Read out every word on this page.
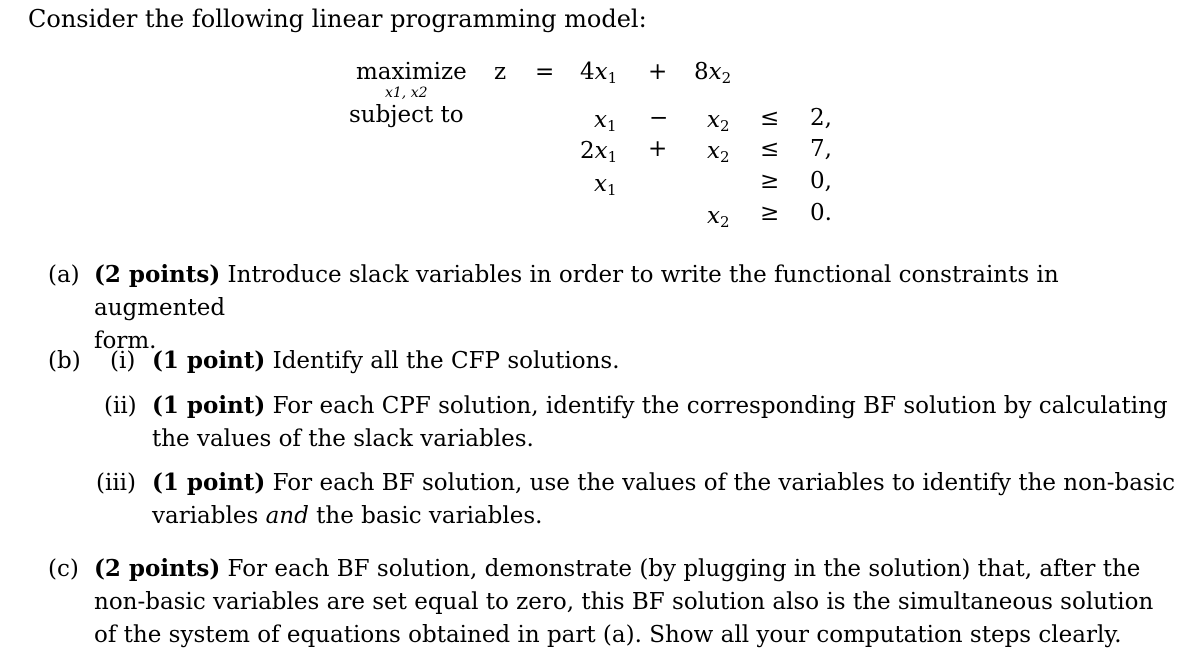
Consider the following linear programming model:
maximize
x1, x2
$z = 4x_1 + 8x_2$
subject to	$x_1 - x_2 \le 2$,
$2x_1 + x_2 \le 7$,
$x_1$	≥ 0,
$x_2 \ge 0$.
(a) (2 points) Introduce slack variables in order to write the functional constraints in augmented
form.
(b) (i) (1 point) Identify all the CFP solutions.
(ii) (1 point) For each CPF solution, identify the corresponding BF solution by calculating
the values of the slack variables.
(iii) (1 point) For each BF solution, use the values of the variables to identify the non-basic
variables and the basic variables.
(c) (2 points) For each BF solution, demonstrate (by plugging in the solution) that, after the
non-basic variables are set equal to zero, this BF solution also is the simultaneous solution
of the system of equations obtained in part (a). Show all your computation steps clearly.
